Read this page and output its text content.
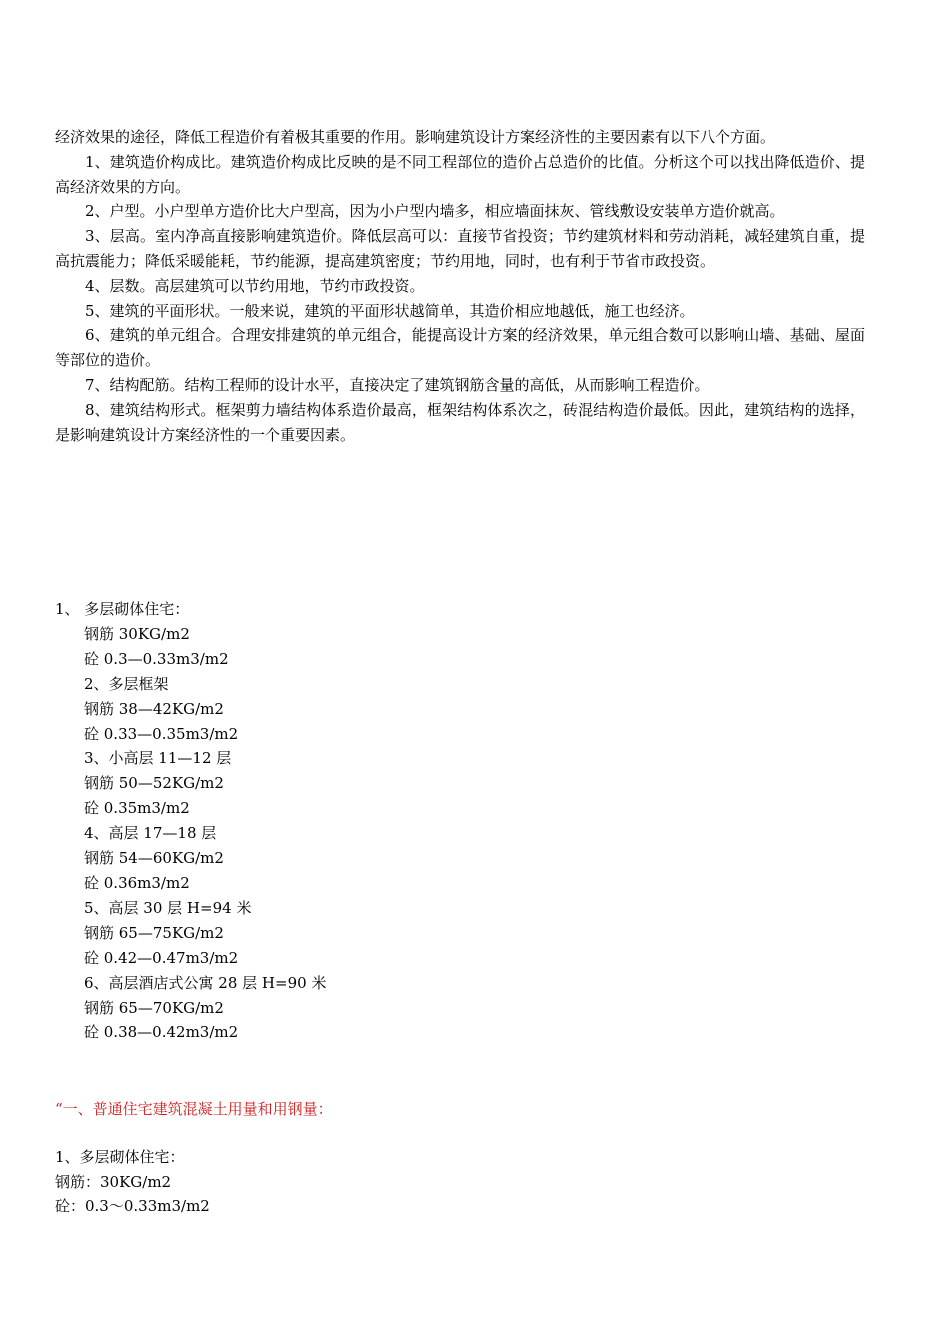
经济效果的途径，降低工程造价有着极其重要的作用。影响建筑设计方案经济性的主要因素有以下八个方面。

1、建筑造价构成比。建筑造价构成比反映的是不同工程部位的造价占总造价的比值。分析这个可以找出降低造价、提高经济效果的方向。

2、户型。小户型单方造价比大户型高，因为小户型内墙多，相应墙面抹灰、管线敷设安装单方造价就高。

3、层高。室内净高直接影响建筑造价。降低层高可以：直接节省投资；节约建筑材料和劳动消耗，减轻建筑自重，提高抗震能力；降低采暖能耗，节约能源，提高建筑密度；节约用地，同时，也有利于节省市政投资。

4、层数。高层建筑可以节约用地，节约市政投资。

5、建筑的平面形状。一般来说，建筑的平面形状越简单，其造价相应地越低，施工也经济。

6、建筑的单元组合。合理安排建筑的单元组合，能提高设计方案的经济效果，单元组合数可以影响山墙、基础、屋面等部位的造价。

7、结构配筋。结构工程师的设计水平，直接决定了建筑钢筋含量的高低，从而影响工程造价。

8、建筑结构形式。框架剪力墙结构体系造价最高，框架结构体系次之，砖混结构造价最低。因此，建筑结构的选择，是影响建筑设计方案经济性的一个重要因素。

1、 多层砌体住宅：
钢筋 30KG/m2
砼 0.3—0.33m3/m2
2、多层框架
钢筋 38—42KG/m2
砼 0.33—0.35m3/m2
3、小高层 11—12 层
钢筋 50—52KG/m2
砼 0.35m3/m2
4、高层 17—18 层
钢筋 54—60KG/m2
砼 0.36m3/m2
5、高层 30 层 H=94 米
钢筋 65—75KG/m2
砼 0.42—0.47m3/m2
6、高层酒店式公寓 28 层 H=90 米
钢筋 65—70KG/m2
砼 0.38—0.42m3/m2
“一、普通住宅建筑混凝土用量和用钢量：
1、多层砌体住宅：
钢筋：30KG/m2
砼：0.3～0.33m3/m2
